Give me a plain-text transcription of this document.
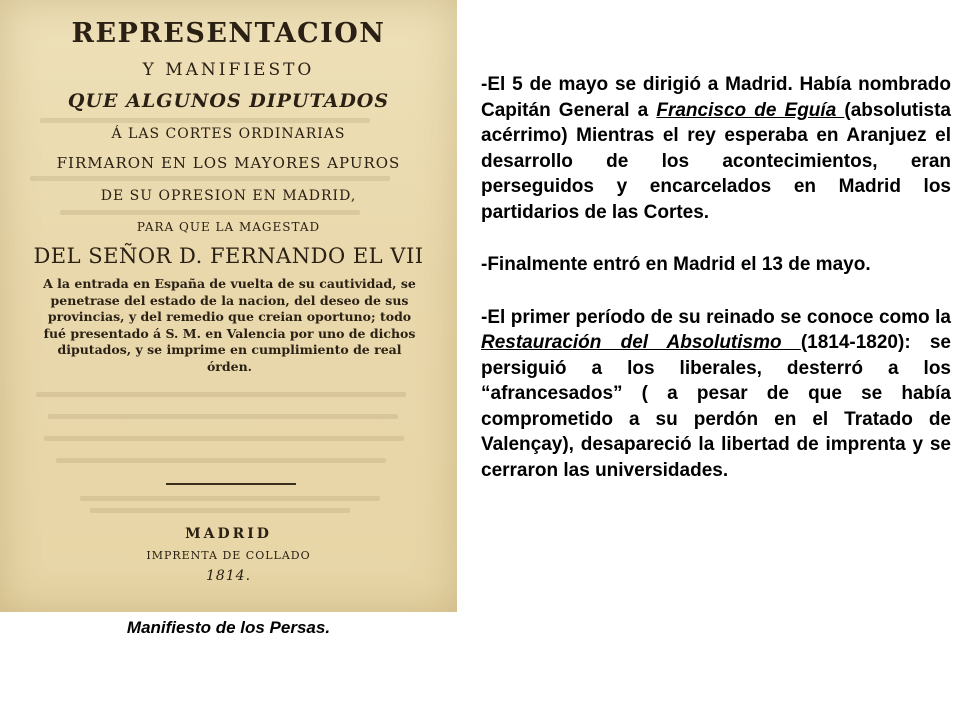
REPRESENTACION
Y MANIFIESTO
QUE ALGUNOS DIPUTADOS
Á LAS CORTES ORDINARIAS
FIRMARON EN LOS MAYORES APUROS
DE SU OPRESION EN MADRID,
PARA QUE LA MAGESTAD
DEL SEÑOR D. FERNANDO EL VII
A la entrada en España de vuelta de su cautividad, se penetrase del estado de la nacion, del deseo de sus provincias, y del remedio que creian oportuno; todo fué presentado á S. M. en Valencia por uno de dichos diputados, y se imprime en cumplimiento de real órden.
MADRID
IMPRENTA DE COLLADO
1814.
Manifiesto de los Persas.

-El 5 de mayo se dirigió a Madrid. Había nombrado Capitán General a Francisco de Eguía (absolutista acérrimo) Mientras el rey esperaba en Aranjuez el desarrollo de los acontecimientos, eran perseguidos y encarcelados en Madrid los partidarios de las Cortes.

-Finalmente entró en Madrid el 13 de mayo.

-El primer período de su reinado se conoce como la Restauración del Absolutismo (1814-1820): se persiguió a los liberales, desterró a los “afrancesados” ( a pesar de que se había comprometido a su perdón en el Tratado de Valençay), desapareció la libertad de imprenta y se cerraron las universidades.
